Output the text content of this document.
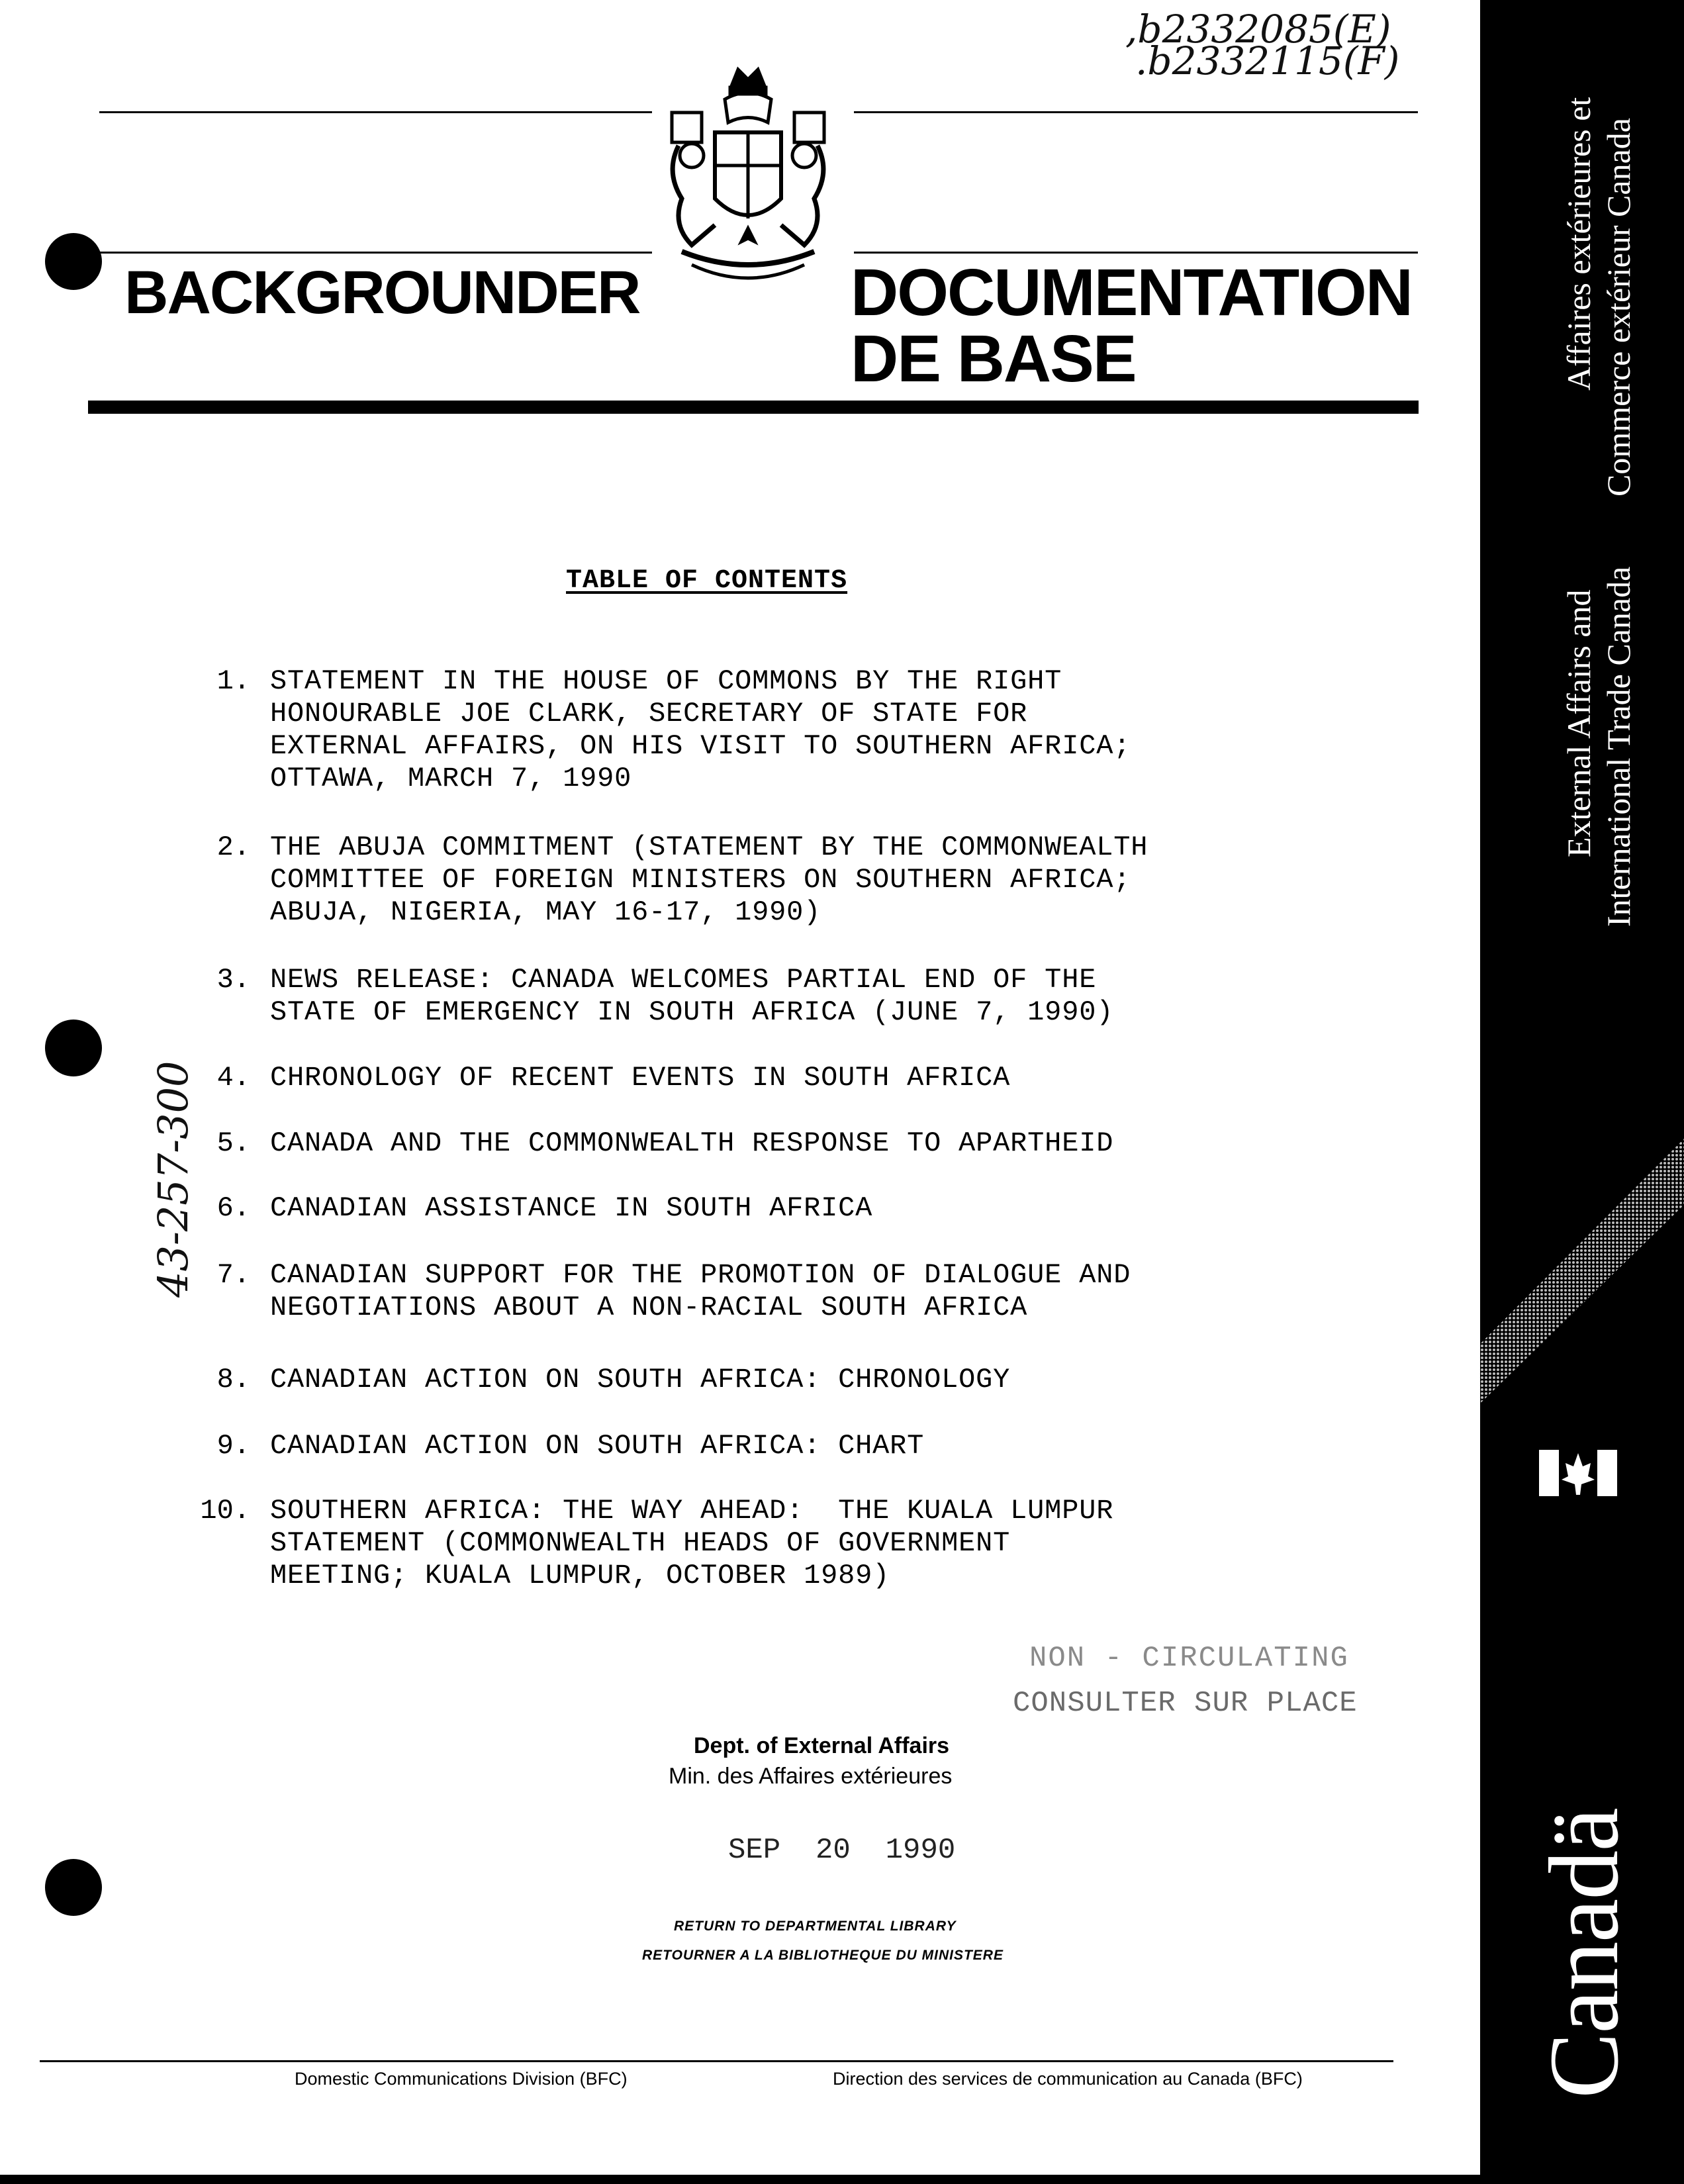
,b2332085(E)
.b2332115(F)
43-257-300
BACKGROUNDER	DOCUMENTATION
DE BASE	Affaires extérieures et Commerce extérieur Canada
External Affairs and International Trade Canada
Canadä
TABLE OF CONTENTS
1. STATEMENT IN THE HOUSE OF COMMONS BY THE RIGHT
HONOURABLE JOE CLARK, SECRETARY OF STATE FOR
EXTERNAL AFFAIRS, ON HIS VISIT TO SOUTHERN AFRICA;
OTTAWA, MARCH 7, 1990
2. THE ABUJA COMMITMENT (STATEMENT BY THE COMMONWEALTH
COMMITTEE OF FOREIGN MINISTERS ON SOUTHERN AFRICA;
ABUJA, NIGERIA, MAY 16-17, 1990)
3. NEWS RELEASE: CANADA WELCOMES PARTIAL END OF THE
STATE OF EMERGENCY IN SOUTH AFRICA (JUNE 7, 1990)
4. CHRONOLOGY OF RECENT EVENTS IN SOUTH AFRICA
5. CANADA AND THE COMMONWEALTH RESPONSE TO APARTHEID
6. CANADIAN ASSISTANCE IN SOUTH AFRICA
7. CANADIAN SUPPORT FOR THE PROMOTION OF DIALOGUE AND
NEGOTIATIONS ABOUT A NON-RACIAL SOUTH AFRICA
8. CANADIAN ACTION ON SOUTH AFRICA: CHRONOLOGY
9. CANADIAN ACTION ON SOUTH AFRICA: CHART
10. SOUTHERN AFRICA: THE WAY AHEAD:  THE KUALA LUMPUR
STATEMENT (COMMONWEALTH HEADS OF GOVERNMENT
MEETING; KUALA LUMPUR, OCTOBER 1989)
NON - CIRCULATING
CONSULTER SUR PLACE
Dept. of External Affairs
Min. des Affaires extérieures
SEP  20  1990
RETURN TO DEPARTMENTAL LIBRARY
RETOURNER A LA BIBLIOTHEQUE DU MINISTERE
Domestic Communications Division (BFC)	Direction des services de communication au Canada (BFC)
